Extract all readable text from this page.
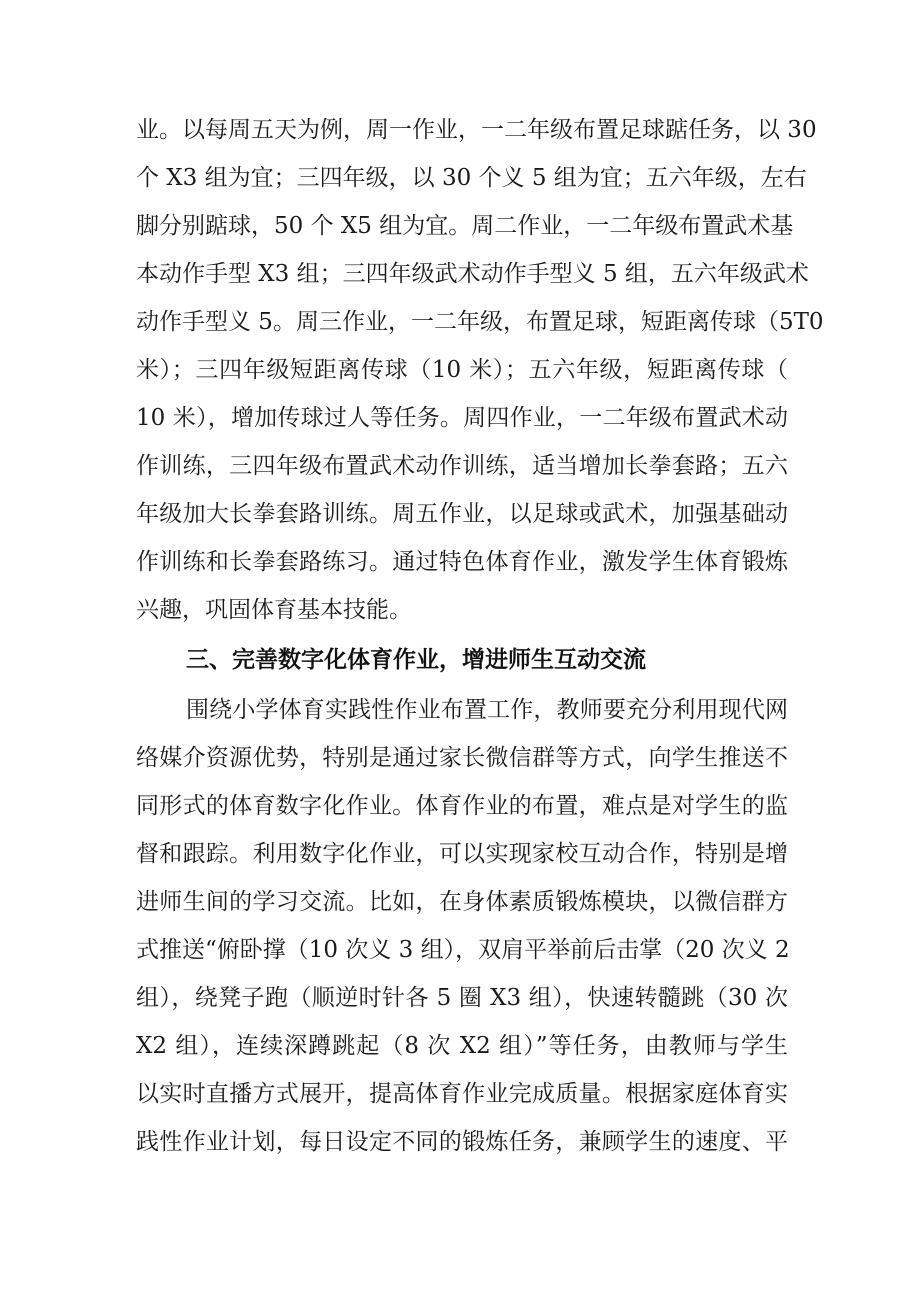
业。以每周五天为例，周一作业，一二年级布置足球踮任务，以 30
个 X3 组为宜；三四年级，以 30 个义 5 组为宜；五六年级，左右
脚分别踮球，50 个 X5 组为宜。周二作业，一二年级布置武术基
本动作手型 X3 组；三四年级武术动作手型义 5 组，五六年级武术
动作手型义 5。周三作业，一二年级，布置足球，短距离传球（5T0
米）；三四年级短距离传球（10 米）；五六年级，短距离传球（
10 米），增加传球过人等任务。周四作业，一二年级布置武术动
作训练，三四年级布置武术动作训练，适当增加长拳套路；五六
年级加大长拳套路训练。周五作业，以足球或武术，加强基础动
作训练和长拳套路练习。通过特色体育作业，激发学生体育锻炼
兴趣，巩固体育基本技能。
三、完善数字化体育作业，增进师生互动交流
围绕小学体育实践性作业布置工作，教师要充分利用现代网
络媒介资源优势，特别是通过家长微信群等方式，向学生推送不
同形式的体育数字化作业。体育作业的布置，难点是对学生的监
督和跟踪。利用数字化作业，可以实现家校互动合作，特别是增
进师生间的学习交流。比如，在身体素质锻炼模块，以微信群方
式推送“俯卧撑（10 次义 3 组），双肩平举前后击掌（20 次义 2
组），绕凳子跑（顺逆时针各 5 圈 X3 组），快速转髓跳（30 次
X2 组），连续深蹲跳起（8 次 X2 组）”等任务，由教师与学生
以实时直播方式展开，提高体育作业完成质量。根据家庭体育实
践性作业计划，每日设定不同的锻炼任务，兼顾学生的速度、平
